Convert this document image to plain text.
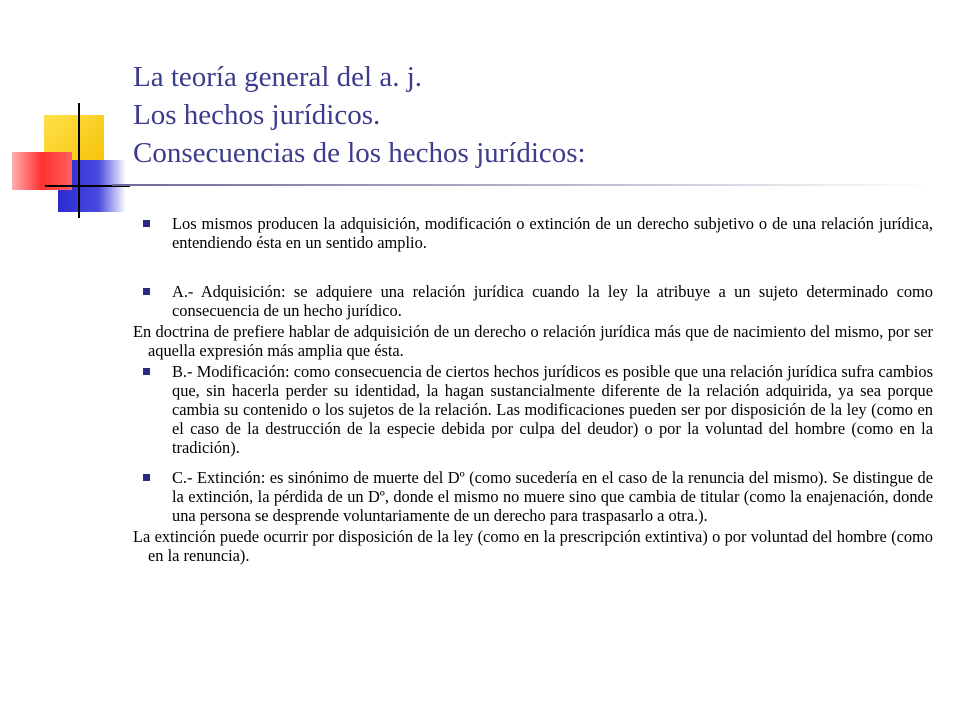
La teoría general del a. j.
Los hechos jurídicos.
Consecuencias de los hechos jurídicos:

Los mismos producen la adquisición, modificación o extinción de un derecho subjetivo o de una relación jurídica, entendiendo ésta en un sentido amplio.

A.- Adquisición: se adquiere una relación jurídica cuando la ley la atribuye a un sujeto determinado como consecuencia de un hecho jurídico.

En doctrina de prefiere hablar de adquisición de un derecho o relación jurídica más que de nacimiento del mismo, por ser aquella expresión más amplia que ésta.

B.- Modificación: como consecuencia de ciertos hechos jurídicos es posible que una relación jurídica sufra cambios que, sin hacerla perder su identidad, la hagan sustancialmente diferente de la relación adquirida, ya sea porque cambia su contenido o los sujetos de la relación. Las modificaciones pueden ser por disposición de la ley (como en el caso de la destrucción de la especie debida por culpa del deudor) o por la voluntad del hombre (como en la tradición).

C.- Extinción: es sinónimo de muerte del Dº (como sucedería en el caso de la renuncia del mismo). Se distingue de la extinción, la pérdida de un Dº, donde el mismo no muere sino que cambia de titular (como la enajenación, donde una persona se desprende voluntariamente de un derecho para traspasarlo a otra.).

La extinción puede ocurrir por disposición de la ley (como en la prescripción extintiva) o por voluntad del hombre (como en la renuncia).
